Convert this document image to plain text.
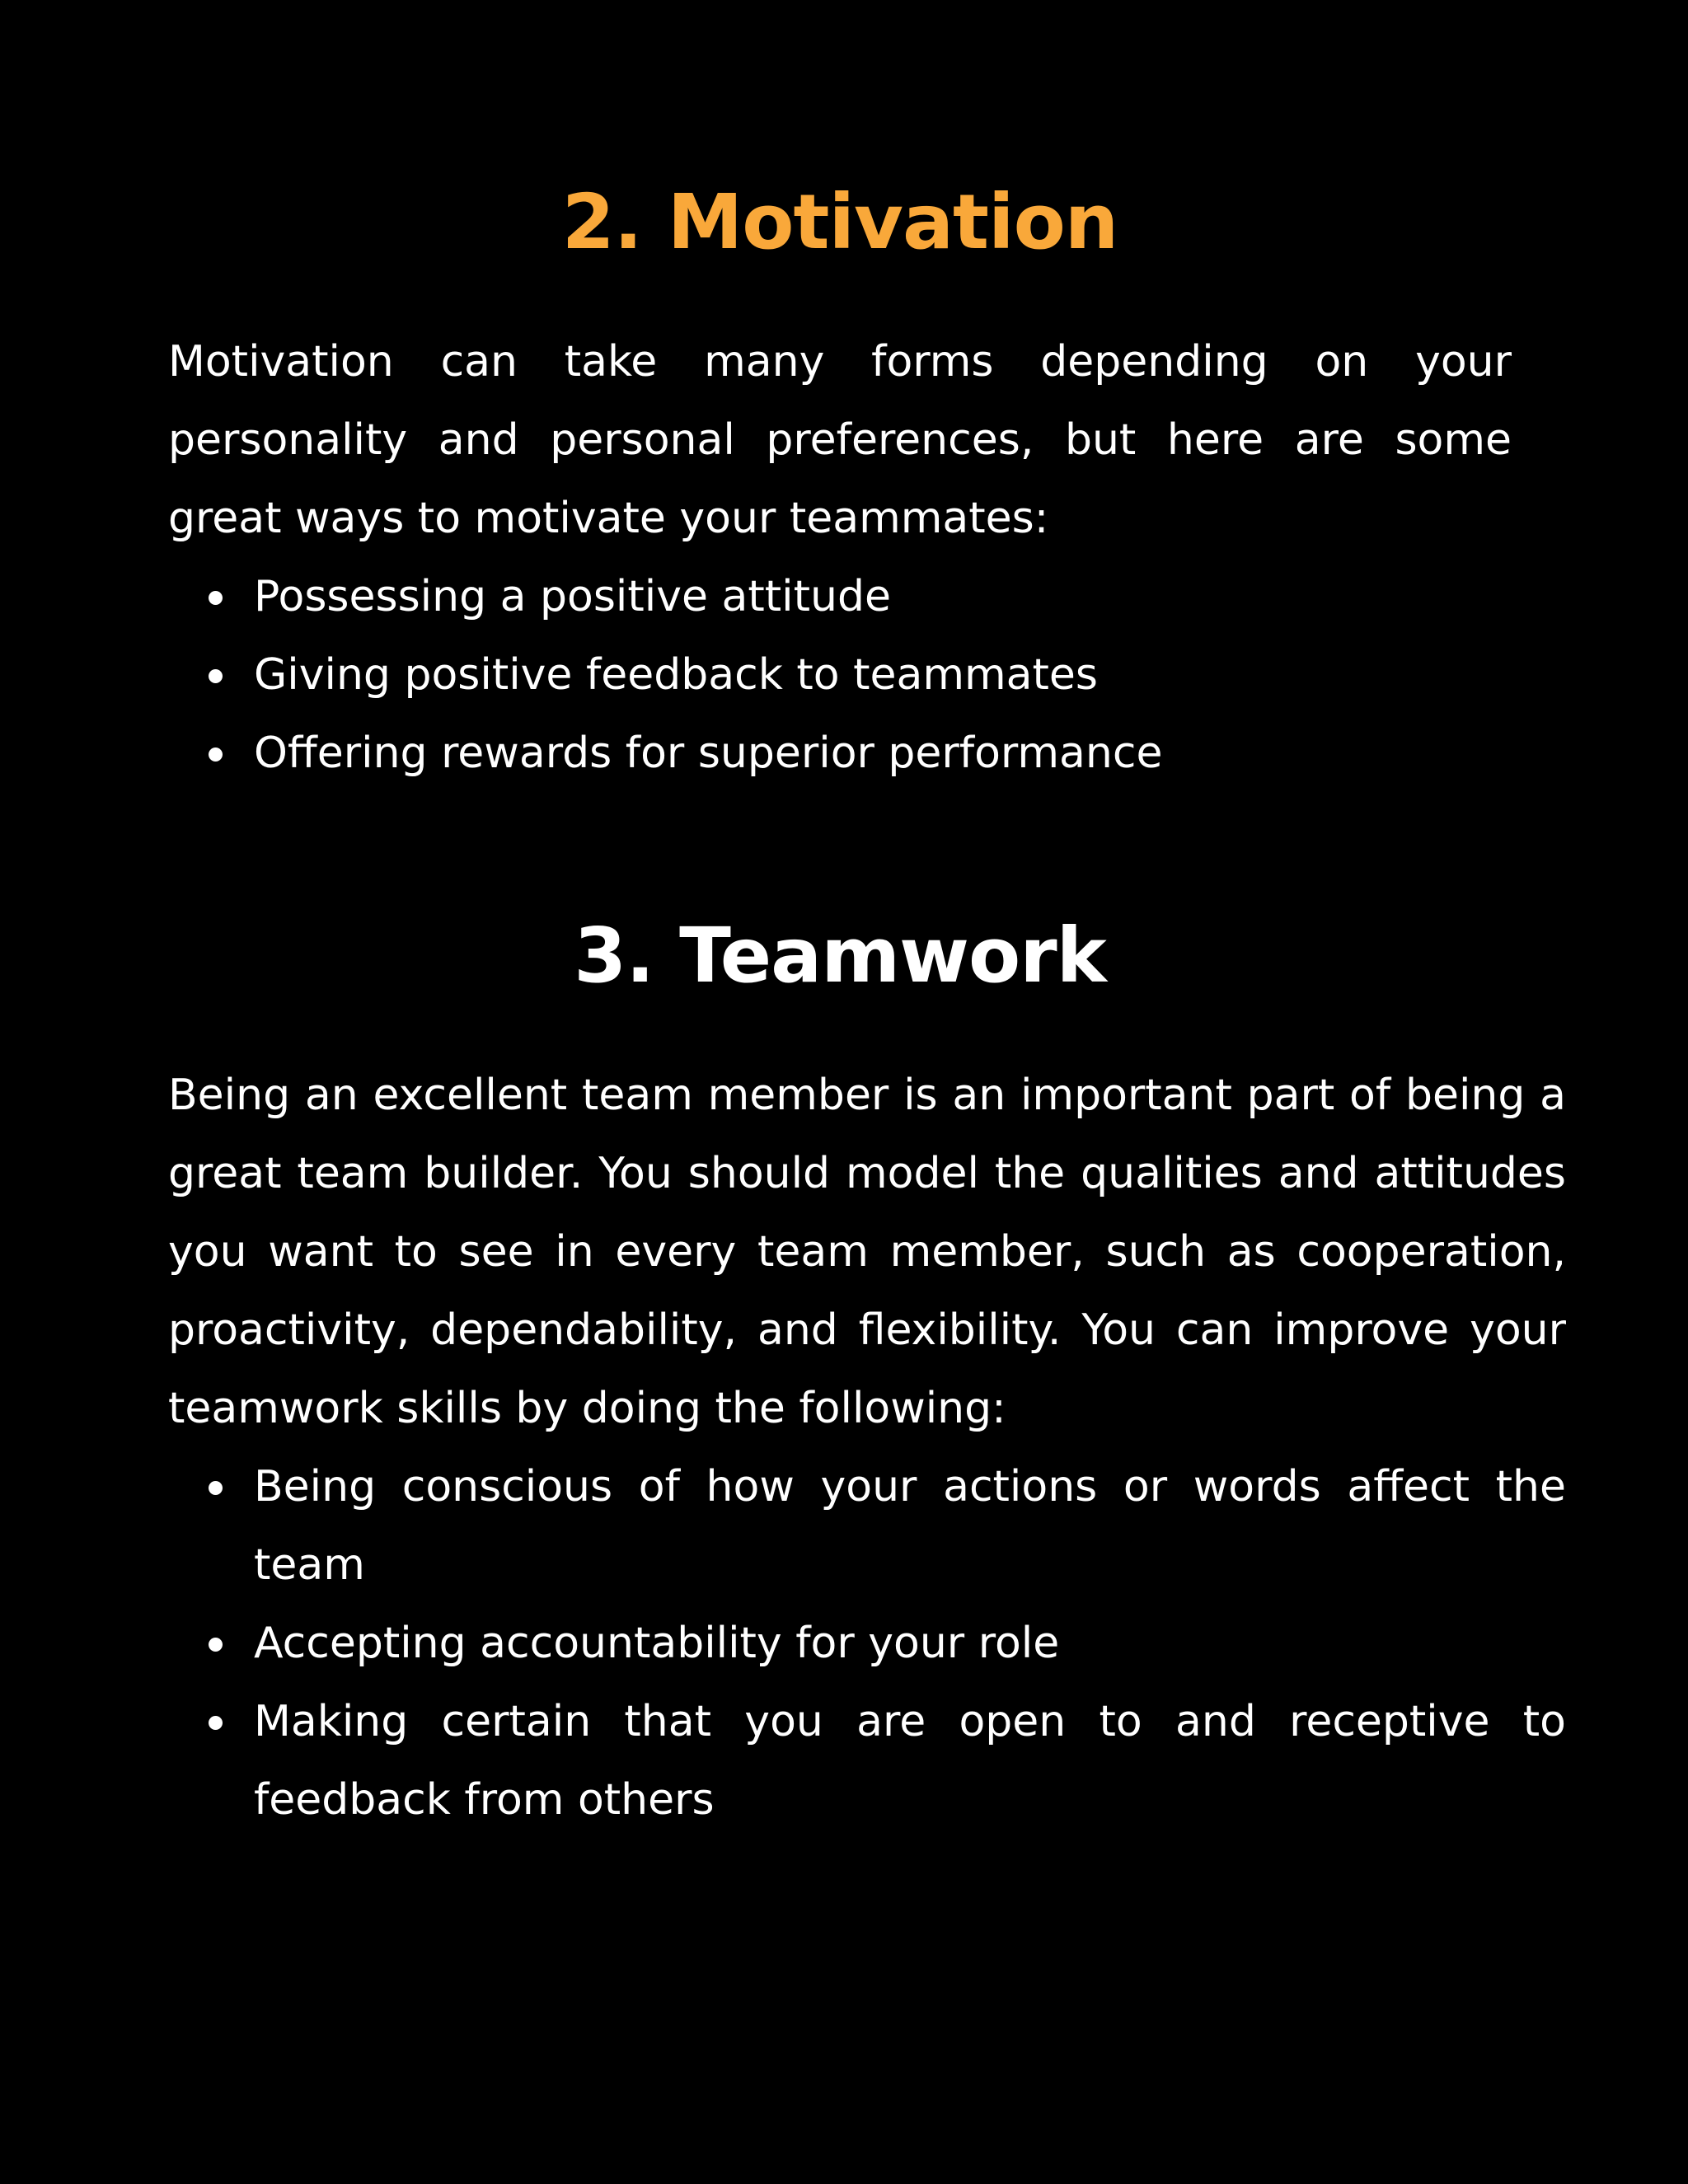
2. Motivation

Motivation can take many forms depending on your personality and personal preferences, but here are some great ways to motivate your teammates:

Possessing a positive attitude
Giving positive feedback to teammates
Offering rewards for superior performance
3. Teamwork

Being an excellent team member is an important part of being a great team builder. You should model the qualities and attitudes you want to see in every team member, such as cooperation, proactivity, dependability, and flexibility. You can improve your teamwork skills by doing the following:

Being conscious of how your actions or words affect the team
Accepting accountability for your role
Making certain that you are open to and receptive to feedback from others
